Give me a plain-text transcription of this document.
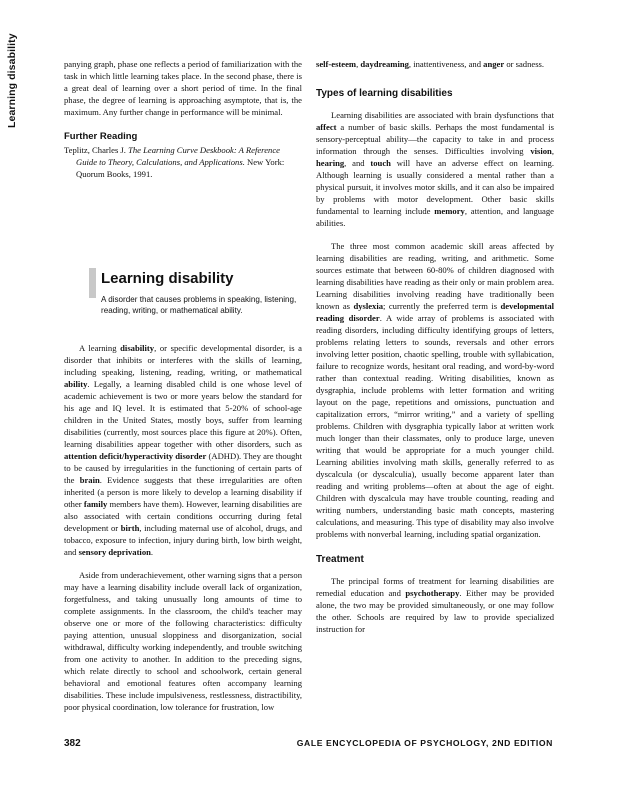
Learning disability	panying graph, phase one reflects a period of familiarization with the task in which little learning takes place. In the second phase, there is a great deal of learning over a short period of time. In the final phase, the degree of learning is approaching asymptote, that is, the maximum. Any further change in performance will be minimal.

Further Reading

Teplitz, Charles J. The Learning Curve Deskbook: A Reference Guide to Theory, Calculations, and Applications. New York: Quorum Books, 1991.

Learning disability
A disorder that causes problems in speaking, listening, reading, writing, or mathematical ability.

A learning disability, or specific developmental disorder, is a disorder that inhibits or interferes with the skills of learning, including speaking, listening, reading, writing, or mathematical ability. Legally, a learning disabled child is one whose level of academic achievement is two or more years below the standard for his age and IQ level. It is estimated that 5-20% of school-age children in the United States, mostly boys, suffer from learning disabilities (currently, most sources place this figure at 20%). Often, learning disabilities appear together with other disorders, such as attention deficit/hyperactivity disorder (ADHD). They are thought to be caused by irregularities in the functioning of certain parts of the brain. Evidence suggests that these irregularities are often inherited (a person is more likely to develop a learning disability if other family members have them). However, learning disabilities are also associated with certain conditions occurring during fetal development or birth, including maternal use of alcohol, drugs, and tobacco, exposure to infection, injury during birth, low birth weight, and sensory deprivation.

Aside from underachievement, other warning signs that a person may have a learning disability include overall lack of organization, forgetfulness, and taking unusually long amounts of time to complete assignments. In the classroom, the child's teacher may observe one or more of the following characteristics: difficulty paying attention, unusual sloppiness and disorganization, social withdrawal, difficulty working independently, and trouble switching from one activity to another. In addition to the preceding signs, which relate directly to school and schoolwork, certain general behavioral and emotional features often accompany learning disabilities. These include impulsiveness, restlessness, distractibility, poor physical coordination, low tolerance for frustration, low

self-esteem, daydreaming, inattentiveness, and anger or sadness.

Types of learning disabilities

Learning disabilities are associated with brain dysfunctions that affect a number of basic skills. Perhaps the most fundamental is sensory-perceptual ability—the capacity to take in and process information through the senses. Difficulties involving vision, hearing, and touch will have an adverse effect on learning. Although learning is usually considered a mental rather than a physical pursuit, it involves motor skills, and it can also be impaired by problems with motor development. Other basic skills fundamental to learning include memory, attention, and language abilities.

The three most common academic skill areas affected by learning disabilities are reading, writing, and arithmetic. Some sources estimate that between 60-80% of children diagnosed with learning disabilities have reading as their only or main problem area. Learning disabilities involving reading have traditionally been known as dyslexia; currently the preferred term is developmental reading disorder. A wide array of problems is associated with reading disorders, including difficulty identifying groups of letters, problems relating letters to sounds, reversals and other errors involving letter position, chaotic spelling, trouble with syllabication, failure to recognize words, hesitant oral reading, and word-by-word rather than contextual reading. Writing disabilities, known as dysgraphia, include problems with letter formation and writing layout on the page, repetitions and omissions, punctuation and capitalization errors, “mirror writing,” and a variety of spelling problems. Children with dysgraphia typically labor at written work much longer than their classmates, only to produce large, uneven writing that would be appropriate for a much younger child. Learning abilities involving math skills, generally referred to as dyscalcula (or dyscalculia), usually become apparent later than reading and writing problems—often at about the age of eight. Children with dyscalcula may have trouble counting, reading and writing numbers, understanding basic math concepts, mastering calculations, and measuring. This type of disability may also involve problems with nonverbal learning, including spatial organization.

Treatment

The principal forms of treatment for learning disabilities are remedial education and psychotherapy. Either may be provided alone, the two may be provided simultaneously, or one may follow the other. Schools are required by law to provide specialized instruction for

382	GALE ENCYCLOPEDIA OF PSYCHOLOGY, 2ND EDITION
